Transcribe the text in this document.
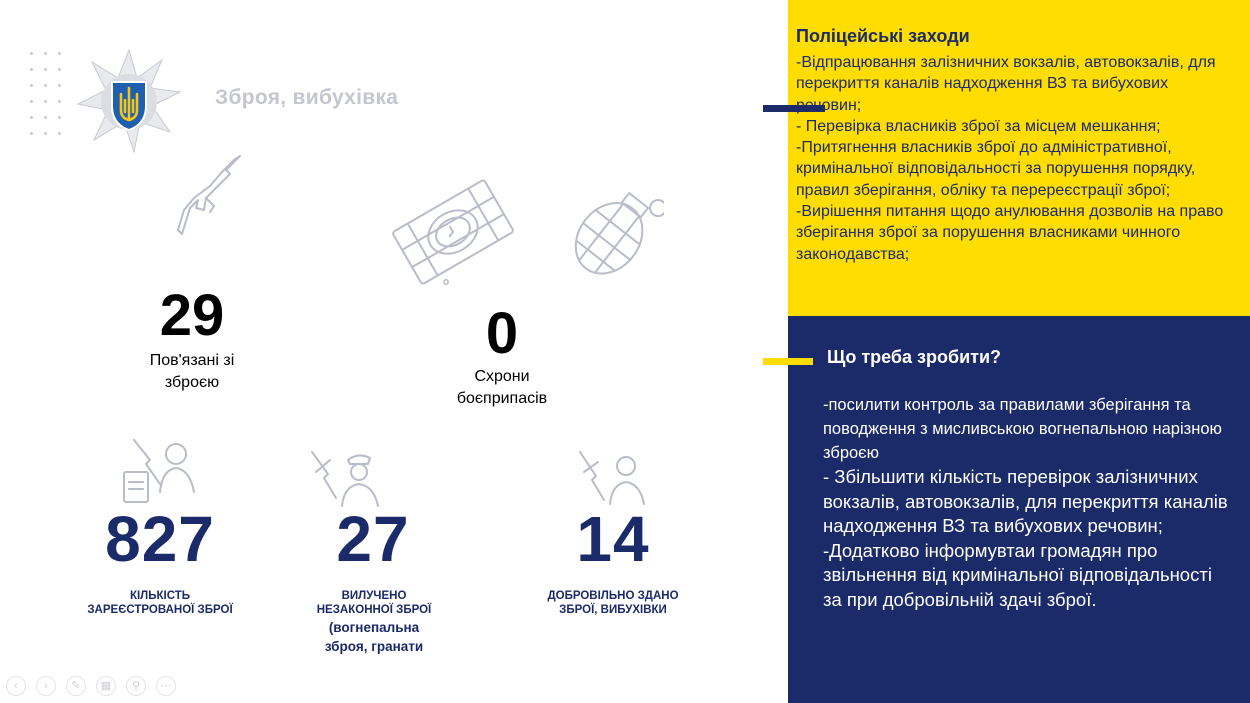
Зброя, вибухівка
29
Пов'язані зі
зброєю
0
Схрони
боєприпасів
827
КІЛЬКІСТЬ
ЗАРЕЄСТРОВАНОЇ ЗБРОЇ
27
ВИЛУЧЕНО
НЕЗАКОННОЇ ЗБРОЇ
(вогнепальна
зброя, гранати
14
ДОБРОВІЛЬНО ЗДАНО
ЗБРОЇ, ВИБУХІВКИ
Поліцейські заходи
-Відпрацювання залізничних вокзалів, автовокзалів, для перекриття каналів надходження ВЗ та вибухових речовин;
- Перевірка власників зброї за місцем мешкання;
-Притягнення власників зброї до адміністративної, кримінальної відповідальності за порушення порядку, правил зберігання, обліку та перереєстрації зброї;
-Вирішення питання щодо анулювання дозволів на право зберігання зброї за порушення власниками чинного законодавства;
Що треба зробити?
-посилити контроль за правилами зберігання та поводження з мисливською вогнепальною нарізною зброєю
- Збільшити кількість перевірок залізничних вокзалів, автовокзалів, для перекриття каналів надходження ВЗ та вибухових речовин;
-Додатково інформувтаи громадян про звільнення від кримінальної відповідальності за при добровільній здачі зброї.
‹	›	✎	▦	⚲	⋯
